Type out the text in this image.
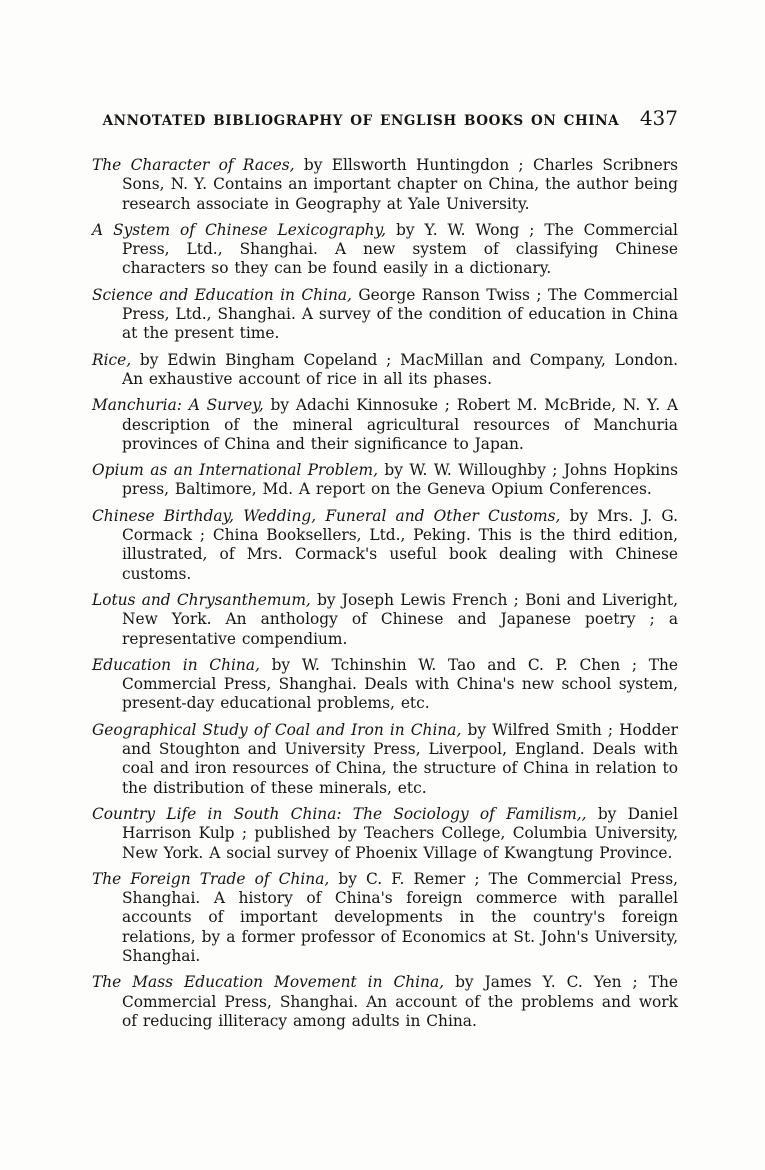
ANNOTATED BIBLIOGRAPHY OF ENGLISH BOOKS ON CHINA	437

The Character of Races, by Ellsworth Huntingdon ; Charles Scribners Sons, N. Y. Contains an important chapter on China, the author being research associate in Geography at Yale University.

A System of Chinese Lexicography, by Y. W. Wong ; The Commercial Press, Ltd., Shanghai. A new system of classifying Chinese characters so they can be found easily in a dictionary.

Science and Education in China, George Ranson Twiss ; The Commercial Press, Ltd., Shanghai. A survey of the condition of education in China at the present time.

Rice, by Edwin Bingham Copeland ; MacMillan and Company, London. An exhaustive account of rice in all its phases.

Manchuria: A Survey, by Adachi Kinnosuke ; Robert M. McBride, N. Y. A description of the mineral agricultural resources of Manchuria provinces of China and their significance to Japan.

Opium as an International Problem, by W. W. Willoughby ; Johns Hopkins press, Baltimore, Md. A report on the Geneva Opium Conferences.

Chinese Birthday, Wedding, Funeral and Other Customs, by Mrs. J. G. Cormack ; China Booksellers, Ltd., Peking. This is the third edition, illustrated, of Mrs. Cormack's useful book dealing with Chinese customs.

Lotus and Chrysanthemum, by Joseph Lewis French ; Boni and Liveright, New York. An anthology of Chinese and Japanese poetry ; a representative compendium.

Education in China, by W. Tchinshin W. Tao and C. P. Chen ; The Commercial Press, Shanghai. Deals with China's new school system, present-day educational problems, etc.

Geographical Study of Coal and Iron in China, by Wilfred Smith ; Hodder and Stoughton and University Press, Liverpool, England. Deals with coal and iron resources of China, the structure of China in relation to the distribution of these minerals, etc.

Country Life in South China: The Sociology of Familism,, by Daniel Harrison Kulp ; published by Teachers College, Columbia University, New York. A social survey of Phoenix Village of Kwangtung Province.

The Foreign Trade of China, by C. F. Remer ; The Commercial Press, Shanghai. A history of China's foreign commerce with parallel accounts of important developments in the country's foreign relations, by a former professor of Economics at St. John's University, Shanghai.

The Mass Education Movement in China, by James Y. C. Yen ; The Commercial Press, Shanghai. An account of the problems and work of reducing illiteracy among adults in China.
